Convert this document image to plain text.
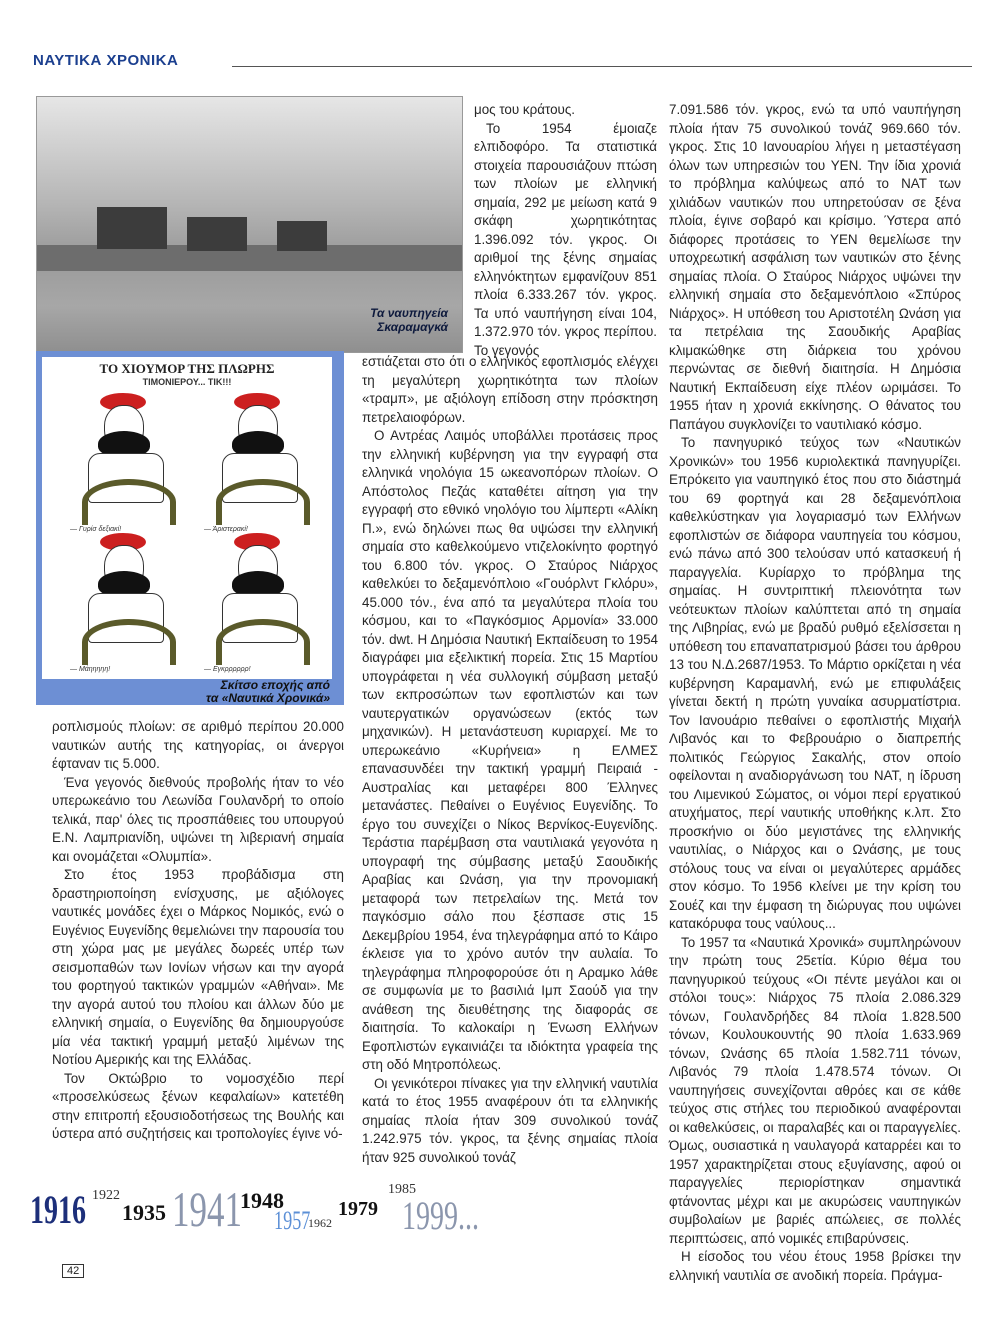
ΝΑΥΤΙΚΑ ΧΡΟΝΙΚΑ
Τα ναυπηγεία
Σκαραμαγκά
ΤΟ ΧΙΟΥΜΟΡ ΤΗΣ ΠΛΩΡΗΣ
ΤΙΜΟΝΙΕΡΟΥ... ΤΙΚ!!!
— Γυρίσ δεξιακί!	— Άριστερακί!
— Μάηηηηη!	— Εγκρρρρρρ!
Σκίτσο εποχής από
τα «Ναυτικά Χρονικά»

ροπλισμούς πλοίων: σε αριθμό περίπου 20.000 ναυτικών αυτής της κατηγορίας, οι άνεργοι έφταναν τις 5.000.

Ένα γεγονός διεθνούς προβολής ήταν το νέο υπερωκεάνιο του Λεωνίδα Γουλανδρή το οποίο τελικά, παρ' όλες τις προσπάθειες του υπουργού Ε.Ν. Λαμπριανίδη, υψώνει τη λιβεριανή σημαία και ονομάζεται «Ολυμπία».

Στο έτος 1953 προβάδισμα στη δραστηριοποίηση ενίσχυσης, με αξιόλογες ναυτικές μονάδες έχει ο Μάρκος Νομικός, ενώ ο Ευγένιος Ευγενίδης θεμελιώνει την παρουσία του στη χώρα μας με μεγάλες δωρεές υπέρ των σεισμοπαθών των Ιονίων νήσων και την αγορά του φορτηγού τακτικών γραμμών «Αθήναι». Με την αγορά αυτού του πλοίου και άλλων δύο με ελληνική σημαία, ο Ευγενίδης θα δημιουργούσε μία νέα τακτική γραμμή μεταξύ λιμένων της Νοτίου Αμερικής και της Ελλάδας.

Τον Οκτώβριο το νομοσχέδιο περί «προσελκύσεως ξένων κεφαλαίων» κατετέθη στην επιτροπή εξουσιοδοτήσεως της Βουλής και ύστερα από συζητήσεις και τροπολογίες έγινε νό-

μος του κράτους.

Το 1954 έμοιαζε ελπιδοφόρο. Τα στατιστικά στοιχεία παρουσιάζουν πτώση των πλοίων με ελληνική σημαία, 292 με μείωση κατά 9 σκάφη χωρητικότητας 1.396.092 τόν. γκρος. Οι αριθμοί της ξένης σημαίας ελληνόκτητων εμφανίζουν 851 πλοία 6.333.267 τόν. γκρος. Τα υπό ναυπήγηση είναι 104, 1.372.970 τόν. γκρος περίπου. Το γεγονός

εστιάζεται στο ότι ο ελληνικός εφοπλισμός ελέγχει τη μεγαλύτερη χωρητικότητα των πλοίων «τραμπ», με αξιόλογη επίδοση στην πρόσκτηση πετρελαιοφόρων.

Ο Αντρέας Λαιμός υποβάλλει προτάσεις προς την ελληνική κυβέρνηση για την εγγραφή στα ελληνικά νηολόγια 15 ωκεανοπόρων πλοίων. Ο Απόστολος Πεζάς καταθέτει αίτηση για την εγγραφή στο εθνικό νηολόγιο του λίμπερτι «Αλίκη Π.», ενώ δηλώνει πως θα υψώσει την ελληνική σημαία στο καθελκούμενο ντιζελοκίνητο φορτηγό του 6.800 τόν. γκρος. Ο Σταύρος Νιάρχος καθελκύει το δεξαμενόπλοιο «Γουόρλντ Γκλόρυ», 45.000 τόν., ένα από τα μεγαλύτερα πλοία του κόσμου, και το «Παγκόσμιος Αρμονία» 33.000 τόν. dwt. Η Δημόσια Ναυτική Εκπαίδευση το 1954 διαγράφει μια εξελικτική πορεία. Στις 15 Μαρτίου υπογράφεται η νέα συλλογική σύμβαση μεταξύ των εκπροσώπων των εφοπλιστών και των ναυτεργατικών οργανώσεων (εκτός των μηχανικών). Η μετανάστευση κυριαρχεί. Με το υπερωκεάνιο «Κυρήνεια» η ΕΛΜΕΣ επανασυνδέει την τακτική γραμμή Πειραιά - Αυστραλίας και μεταφέρει 800 Έλληνες μετανάστες. Πεθαίνει ο Ευγένιος Ευγενίδης. Το έργο του συνεχίζει ο Νίκος Βερνίκος-Ευγενίδης. Τεράστια παρέμβαση στα ναυτιλιακά γεγονότα η υπογραφή της σύμβασης μεταξύ Σαουδικής Αραβίας και Ωνάση, για την προνομιακή μεταφορά των πετρελαίων της. Μετά τον παγκόσμιο σάλο που ξέσπασε στις 15 Δεκεμβρίου 1954, ένα τηλεγράφημα από το Κάιρο έκλεισε για το χρόνο αυτόν την αυλαία. Το τηλεγράφημα πληροφορούσε ότι η Αραμκο λάθε σε συμφωνία με το βασιλιά Ιμπ Σαούδ για την ανάθεση της διευθέτησης της διαφοράς σε διαιτησία. Το καλοκαίρι η Ένωση Ελλήνων Εφοπλιστών εγκαινιάζει τα ιδιόκτητα γραφεία της στη οδό Μητροπόλεως.

Οι γενικότεροι πίνακες για την ελληνική ναυτιλία κατά το έτος 1955 αναφέρουν ότι τα ελληνικής σημαίας πλοία ήταν 309 συνολικού τονάζ 1.242.975 τόν. γκρος, τα ξένης σημαίας πλοία ήταν 925 συνολικού τονάζ

7.091.586 τόν. γκρος, ενώ τα υπό ναυπήγηση πλοία ήταν 75 συνολικού τονάζ 969.660 τόν. γκρος. Στις 10 Ιανουαρίου λήγει η μεταστέγαση όλων των υπηρεσιών του ΥΕΝ. Την ίδια χρονιά το πρόβλημα καλύψεως από το ΝΑΤ των χιλιάδων ναυτικών που υπηρετούσαν σε ξένα πλοία, έγινε σοβαρό και κρίσιμο. Ύστερα από διάφορες προτάσεις το ΥΕΝ θεμελίωσε την υποχρεωτική ασφάλιση των ναυτικών στο ξένης σημαίας πλοία. Ο Σταύρος Νιάρχος υψώνει την ελληνική σημαία στο δεξαμενόπλοιο «Σπύρος Νιάρχος». Η υπόθεση του Αριστοτέλη Ωνάση για τα πετρέλαια της Σαουδικής Αραβίας κλιμακώθηκε στη διάρκεια του χρόνου περνώντας σε διεθνή διαιτησία. Η Δημόσια Ναυτική Εκπαίδευση είχε πλέον ωριμάσει. Το 1955 ήταν η χρονιά εκκίνησης. Ο θάνατος του Παπάγου συγκλονίζει το ναυτιλιακό κόσμο.

Το πανηγυρικό τεύχος των «Ναυτικών Χρονικών» του 1956 κυριολεκτικά πανηγυρίζει. Επρόκειτο για ναυπηγικό έτος που στο διάστημά του 69 φορτηγά και 28 δεξαμενόπλοια καθελκύστηκαν για λογαριασμό των Ελλήνων εφοπλιστών σε διάφορα ναυπηγεία του κόσμου, ενώ πάνω από 300 τελούσαν υπό κατασκευή ή παραγγελία. Κυρίαρχο το πρόβλημα της σημαίας. Η συντριπτική πλειονότητα των νεότευκτων πλοίων καλύπτεται από τη σημαία της Λιβηρίας, ενώ με βραδύ ρυθμό εξελίσσεται η υπόθεση του επαναπατρισμού βάσει του άρθρου 13 του Ν.Δ.2687/1953. Το Μάρτιο ορκίζεται η νέα κυβέρνηση Καραμανλή, ενώ με επιφυλάξεις γίνεται δεκτή η πρώτη γυναίκα ασυρματίστρια. Τον Ιανουάριο πεθαίνει ο εφοπλιστής Μιχαήλ Λιβανός και το Φεβρουάριο ο διαπρεπής πολιτικός Γεώργιος Σακαλής, στον οποίο οφείλονται η αναδιοργάνωση του ΝΑΤ, η ίδρυση του Λιμενικού Σώματος, οι νόμοι περί εργατικού ατυχήματος, περί ναυτικής υποθήκης κ.λπ. Στο προσκήνιο οι δύο μεγιστάνες της ελληνικής ναυτιλίας, ο Νιάρχος και ο Ωνάσης, με τους στόλους τους να είναι οι μεγαλύτερες αρμάδες στον κόσμο. Το 1956 κλείνει με την κρίση του Σουέζ και την έμφαση τη διώρυγας που υψώνει κατακόρυφα τους ναύλους...

Το 1957 τα «Ναυτικά Χρονικά» συμπληρώνουν την πρώτη τους 25ετία. Κύριο θέμα του πανηγυρικού τεύχους «Οι πέντε μεγάλοι και οι στόλοι τους»: Νιάρχος 75 πλοία 2.086.329 τόνων, Γουλανδρήδες 84 πλοία 1.828.500 τόνων, Κουλουκουντής 90 πλοία 1.633.969 τόνων, Ωνάσης 65 πλοία 1.582.711 τόνων, Λιβανός 79 πλοία 1.478.574 τόνων. Οι ναυπηγήσεις συνεχίζονται αθρόες και σε κάθε τεύχος στις στήλες του περιοδικού αναφέρονται οι καθελκύσεις, οι παραλαβές και οι παραγγελίες. Όμως, ουσιαστικά η ναυλαγορά καταρρέει και το 1957 χαρακτηρίζεται στους εξυγίανσης, αφού οι παραγγελίες περιορίστηκαν σημαντικά φτάνοντας μέχρι και με ακυρώσεις ναυπηγικών συμβολαίων με βαριές απώλειες, σε πολλές περιπτώσεις, από νομικές επιβαρύνσεις.

Η είσοδος του νέου έτους 1958 βρίσκει την ελληνική ναυτιλία σε ανοδική πορεία. Πράγμα-

1916 1922
1935 1941
1948
1957
1962
1979
1985
1999...
42
